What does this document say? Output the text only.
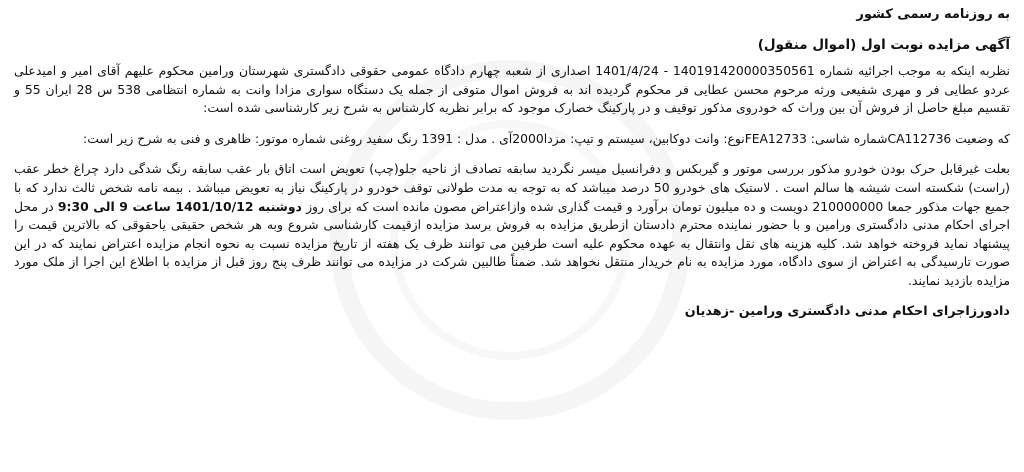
به روزنامه رسمی کشور
آگهی مزایده نوبت اول (اموال منقول)

نظربه اینکه به موجب اجرائیه شماره 140191420000350561 - 1401/4/24 اصداری از شعبه چهارم دادگاه عمومی حقوقی دادگستری شهرستان ورامین محکوم علیهم آقای امیر و امیدعلی عردو عطایی فر و مهری شفیعی ورثه مرحوم محسن عطایی فر محکوم گردیده اند به فروش اموال متوفی از جمله یک دستگاه سواری مزادا وانت به شماره انتظامی 538 س 28 ایران 55 و تقسیم مبلغ حاصل از فروش آن بین وراث که خودروی مذکور توقیف و در پارکینگ خصارک موجود که برابر نظریه کارشناس به شرح زیر کارشناسی شده است:

که وضعیت CA112736شماره شاسی: FEA12733نوع: وانت دوکابین، سیستم و تیپ: مزدا2000آی . مدل : 1391 رنگ سفید روغنی شماره موتور: ظاهری و فنی به شرح زیر است:

بعلت غیرقابل حرک بودن خودرو مذکور بررسی موتور و گیربکس و دفرانسیل میسر نگردید سابقه تصادف از ناحیه جلو(چپ) تعویض است اتاق بار عقب سابقه رنگ شدگی دارد چراغ خطر عقب (راست) شکسته است شیشه ها سالم است . لاستیک های خودرو 50 درصد میباشد که به توجه به مدت طولانی توقف خودرو در پارکینگ نیاز به تعویض میباشد . بیمه نامه شخص ثالث ندارد که با جمیع جهات مذکور جمعا 210000000 دویست و ده میلیون تومان برآورد و قیمت گذاری شده وازاعتراض مصون مانده است که برای روز دوشنبه 1401/10/12 ساعت 9 الی 9:30 در محل اجرای احکام مدنی دادگستری ورامین و با حضور نماینده محترم دادستان ازطریق مزایده به فروش برسد مزایده ازقیمت کارشناسی شروع وبه هر شخص حقیقی یاحقوقی که بالاترین قیمت را پیشنهاد نماید فروخته خواهد شد. کلیه هزینه های نقل وانتقال به عهده محکوم علیه است طرفین می توانند ظرف یک هفته از تاریخ مزایده نسبت به نحوه انجام مزایده اعتراض نمایند که در این صورت تارسیدگی به اعتراض از سوی دادگاه، مورد مزایده به نام خریدار منتقل نخواهد شد. ضمناً طالبین شرکت در مزایده می توانند ظرف پنج روز قبل از مزایده با اطلاع این اجرا از ملک مورد مزایده بازدید نمایند.

دادورزاجرای احکام مدنی دادگستری ورامین -زهدیان
